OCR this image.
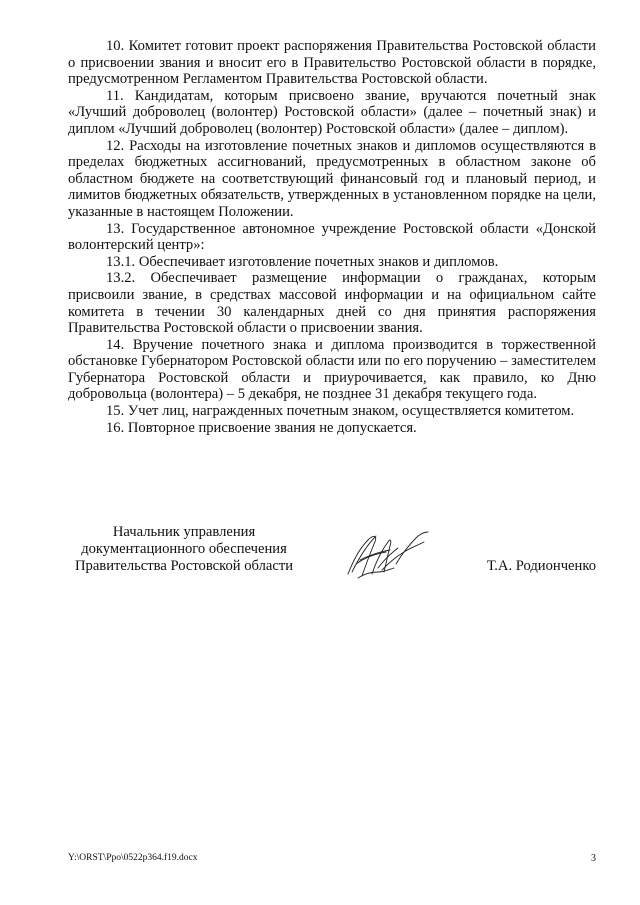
10. Комитет готовит проект распоряжения Правительства Ростовской области о присвоении звания и вносит его в Правительство Ростовской области в порядке, предусмотренном Регламентом Правительства Ростовской области.

11. Кандидатам, которым присвоено звание, вручаются почетный знак «Лучший доброволец (волонтер) Ростовской области» (далее – почетный знак) и диплом «Лучший доброволец (волонтер) Ростовской области» (далее – диплом).

12. Расходы на изготовление почетных знаков и дипломов осуществляются в пределах бюджетных ассигнований, предусмотренных в областном законе об областном бюджете на соответствующий финансовый год и плановый период, и лимитов бюджетных обязательств, утвержденных в установленном порядке на цели, указанные в настоящем Положении.

13. Государственное автономное учреждение Ростовской области «Донской волонтерский центр»:

13.1. Обеспечивает изготовление почетных знаков и дипломов.

13.2. Обеспечивает размещение информации о гражданах, которым присвоили звание, в средствах массовой информации и на официальном сайте комитета в течении 30 календарных дней со дня принятия распоряжения Правительства Ростовской области о присвоении звания.

14. Вручение почетного знака и диплома производится в торжественной обстановке Губернатором Ростовской области или по его поручению – заместителем Губернатора Ростовской области и приурочивается, как правило, ко Дню добровольца (волонтера) – 5 декабря, не позднее 31 декабря текущего года.

15. Учет лиц, награжденных почетным знаком, осуществляется комитетом.

16. Повторное присвоение звания не допускается.

Начальник управления
документационного обеспечения
Правительства Ростовской области	Т.А. Родионченко
Y:\ORST\Ppo\0522p364.f19.docx	3
